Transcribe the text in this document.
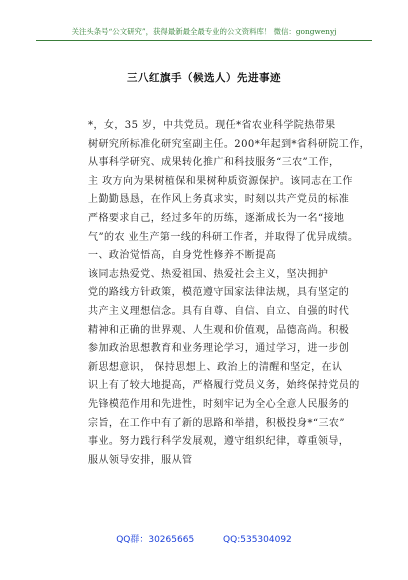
关注头条号“公文研究”，获得最新最全最专业的公文资料库！ 微信：gongwenyj
三八红旗手（候选人）先进事迹
*，女，35 岁，中共党员。现任*省农业科学院热带果
树研究所标准化研究室副主任。200*年起到*省科研院工作，
从事科学研究、成果转化推广和科技服务“三农”工作，
主 攻方向为果树植保和果树种质资源保护。该同志在工作
上勤勤恳恳，在作风上务真求实，时刻以共产党员的标准
严格要求自己，经过多年的历练，逐渐成长为一名“接地
气”的农 业生产第一线的科研工作者，并取得了优异成绩。
一、政治觉悟高，自身党性修养不断提高
该同志热爱党、热爱祖国、热爱社会主义，坚决拥护
党的路线方针政策，模范遵守国家法律法规，具有坚定的
共产主义理想信念。具有自尊、自信、自立、自强的时代
精神和正确的世界观、人生观和价值观，品德高尚。积极
参加政治思想教育和业务理论学习，通过学习，进一步创
新思想意识， 保持思想上、政治上的清醒和坚定，在认
识上有了较大地提高，严格履行党员义务，始终保持党员的
先锋模范作用和先进性，时刻牢记为全心全意人民服务的
宗旨，在工作中有了新的思路和举措，积极投身*“三农”
事业。努力践行科学发展观，遵守组织纪律，尊重领导，
服从领导安排，服从管
QQ群：30265665	QQ:535304092
